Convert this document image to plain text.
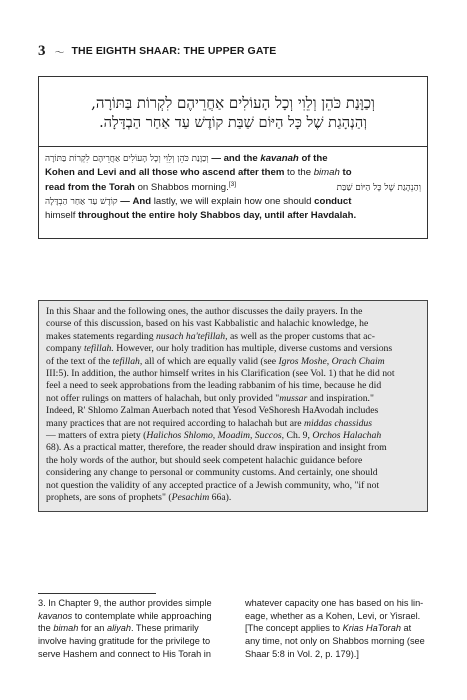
3 〜 THE EIGHTH SHAAR: THE UPPER GATE
וְכַוָּנַת כֹּהֵן וְלֵוִי וְכָל הָעוֹלִים אַחֲרֵיהֶם לִקְרוֹת בַּתּוֹרָה,
וְהַנְהָגַת שֶׁל כָּל הַיּוֹם שַׁבַּת קוֹדֶשׁ עַד אַחַר הַבְדָּלָה.
וְכַוָּנַת כֹּהֵן וְלֵוִי וְכָל הָעוֹלִים אַחֲרֵיהֶם לִקְרוֹת בַּתּוֹרָה — and the kavanah of the
Kohen and Levi and all those who ascend after them to the bimah to
read from the Torah on Shabbos morning.[3]	וְהַנְהָגַת שֶׁל כָּל הַיּוֹם שַׁבַּת
קוֹדֶשׁ עַד אַחַר הַבְדָּלָה — And lastly, we will explain how one should conduct
himself throughout the entire holy Shabbos day, until after Havdalah.
In this Shaar and the following ones, the author discusses the daily prayers. In the
course of this discussion, based on his vast Kabbalistic and halachic knowledge, he
makes statements regarding nusach ha'tefillah, as well as the proper customs that ac-
company tefillah. However, our holy tradition has multiple, diverse customs and versions
of the text of the tefillah, all of which are equally valid (see Igros Moshe, Orach Chaim
III:5). In addition, the author himself writes in his Clarification (see Vol. 1) that he did not
feel a need to seek approbations from the leading rabbanim of his time, because he did
not offer rulings on matters of halachah, but only provided "mussar and inspiration."
Indeed, R' Shlomo Zalman Auerbach noted that Yesod VeShoresh HaAvodah includes
many practices that are not required according to halachah but are middas chassidus
— matters of extra piety (Halichos Shlomo, Moadim, Succos, Ch. 9, Orchos Halachah
68). As a practical matter, therefore, the reader should draw inspiration and insight from
the holy words of the author, but should seek competent halachic guidance before
considering any change to personal or community customs. And certainly, one should
not question the validity of any accepted practice of a Jewish community, who, "if not
prophets, are sons of prophets" (Pesachim 66a).
3. In Chapter 9, the author provides simple
kavanos to contemplate while approaching
the bimah for an aliyah. These primarily
involve having gratitude for the privilege to
serve Hashem and connect to His Torah in
whatever capacity one has based on his lin-
eage, whether as a Kohen, Levi, or Yisrael.
[The concept applies to Krias HaTorah at
any time, not only on Shabbos morning (see
Shaar 5:8 in Vol. 2, p. 179).]
